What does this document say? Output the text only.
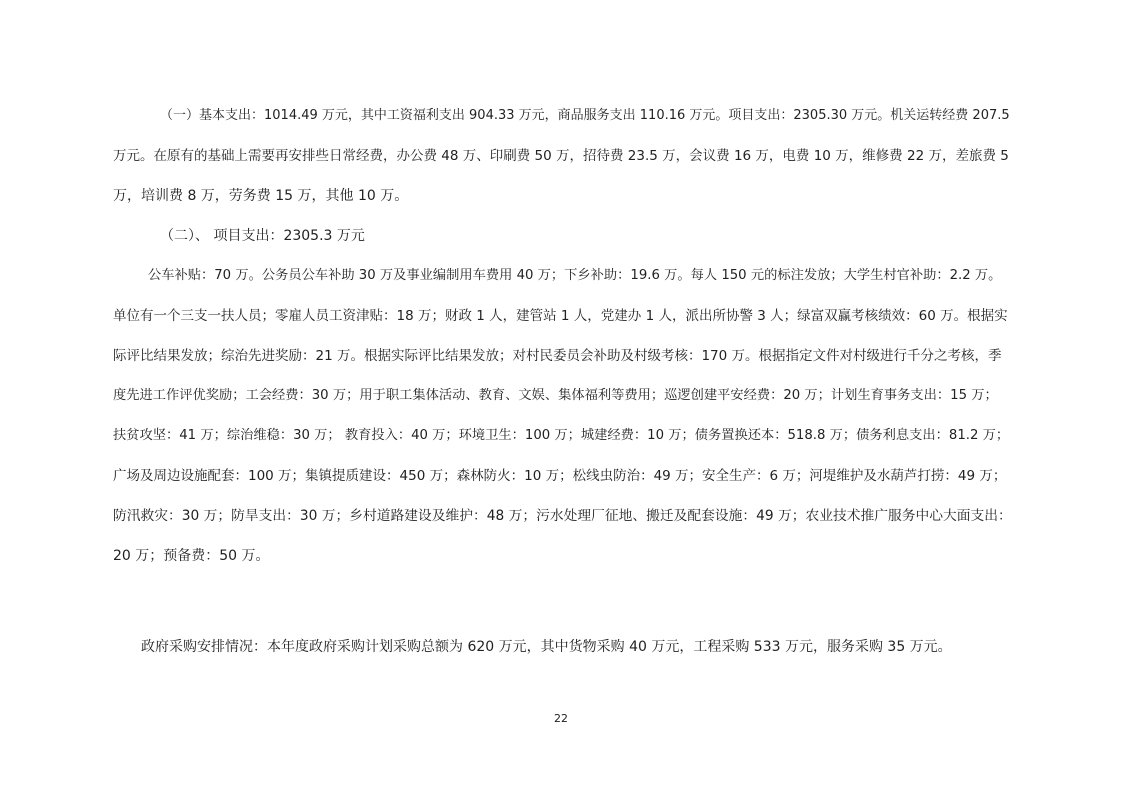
（一）基本支出：1014.49 万元，其中工资福利支出 904.33 万元，商品服务支出 110.16 万元。项目支出：2305.30 万元。机关运转经费 207.5
万元。在原有的基础上需要再安排些日常经费，办公费 48 万、印刷费 50 万，招待费 23.5 万，会议费 16 万，电费 10 万，维修费 22 万，差旅费 5
万，培训费 8 万，劳务费 15 万，其他 10 万。
（二）、 项目支出：2305.3 万元
公车补贴：70 万。公务员公车补助 30 万及事业编制用车费用 40 万；下乡补助：19.6 万。每人 150 元的标注发放；大学生村官补助：2.2 万。
单位有一个三支一扶人员；零雇人员工资津贴：18 万；财政 1 人，建管站 1 人，党建办 1 人，派出所协警 3 人；绿富双赢考核绩效：60 万。根据实
际评比结果发放；综治先进奖励：21 万。根据实际评比结果发放；对村民委员会补助及村级考核：170 万。根据指定文件对村级进行千分之考核，季
度先进工作评优奖励；工会经费：30 万；用于职工集体活动、教育、文娱、集体福利等费用；巡逻创建平安经费：20 万；计划生育事务支出：15 万；
扶贫攻坚：41 万；综治维稳：30 万； 教育投入：40 万；环境卫生：100 万；城建经费：10 万；债务置换还本：518.8 万；债务利息支出：81.2 万；
广场及周边设施配套：100 万；集镇提质建设：450 万；森林防火：10 万；松线虫防治：49 万；安全生产：6 万；河堤维护及水葫芦打捞：49 万；
防汛救灾：30 万；防旱支出：30 万；乡村道路建设及维护：48 万；污水处理厂征地、搬迁及配套设施：49 万；农业技术推广服务中心大面支出：
20 万；预备费：50 万。
政府采购安排情况：本年度政府采购计划采购总额为 620 万元，其中货物采购 40 万元，工程采购 533 万元，服务采购 35 万元。
22
